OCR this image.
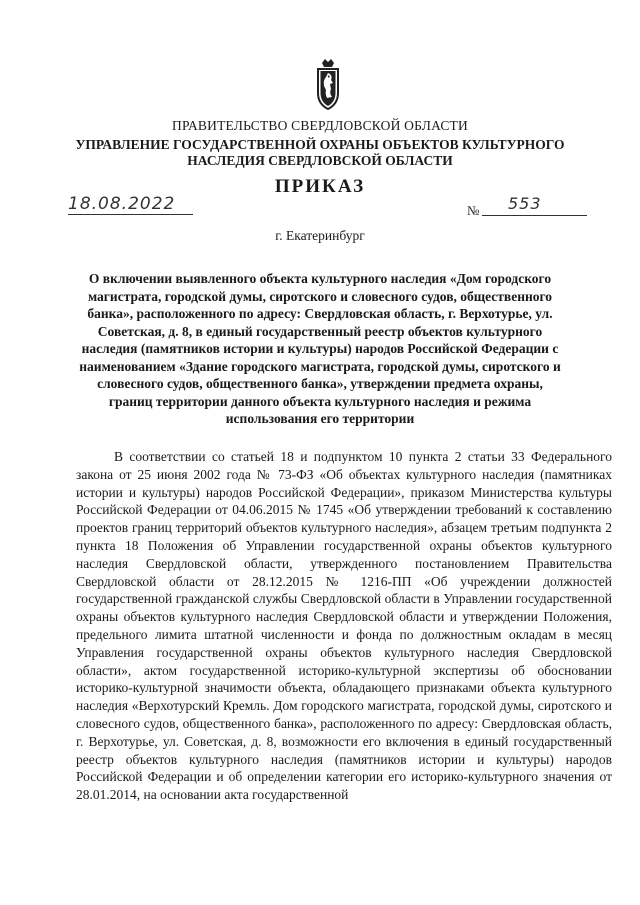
ПРАВИТЕЛЬСТВО СВЕРДЛОВСКОЙ ОБЛАСТИ
УПРАВЛЕНИЕ ГОСУДАРСТВЕННОЙ ОХРАНЫ ОБЪЕКТОВ КУЛЬТУРНОГО НАСЛЕДИЯ СВЕРДЛОВСКОЙ ОБЛАСТИ
ПРИКАЗ
18.08.2022	№ 553
г. Екатеринбург
О включении выявленного объекта культурного наследия «Дом городского магистрата, городской думы, сиротского и словесного судов, общественного банка», расположенного по адресу: Свердловская область, г. Верхотурье, ул. Советская, д. 8, в единый государственный реестр объектов культурного наследия (памятников истории и культуры) народов Российской Федерации с наименованием «Здание городского магистрата, городской думы, сиротского и словесного судов, общественного банка», утверждении предмета охраны, границ территории данного объекта культурного наследия и режима использования его территории

В соответствии со статьей 18 и подпунктом 10 пункта 2 статьи 33 Федерального закона от 25 июня 2002 года № 73-ФЗ «Об объектах культурного наследия (памятниках истории и культуры) народов Российской Федерации», приказом Министерства культуры Российской Федерации от 04.06.2015 № 1745 «Об утверждении требований к составлению проектов границ территорий объектов культурного наследия», абзацем третьим подпункта 2 пункта 18 Положения об Управлении государственной охраны объектов культурного наследия Свердловской области, утвержденного постановлением Правительства Свердловской области от 28.12.2015 № 1216-ПП «Об учреждении должностей государственной гражданской службы Свердловской области в Управлении государственной охраны объектов культурного наследия Свердловской области и утверждении Положения, предельного лимита штатной численности и фонда по должностным окладам в месяц Управления государственной охраны объектов культурного наследия Свердловской области», актом государственной историко-культурной экспертизы об обосновании историко-культурной значимости объекта, обладающего признаками объекта культурного наследия «Верхотурский Кремль. Дом городского магистрата, городской думы, сиротского и словесного судов, общественного банка», расположенного по адресу: Свердловская область, г. Верхотурье, ул. Советская, д. 8, возможности его включения в единый государственный реестр объектов культурного наследия (памятников истории и культуры) народов Российской Федерации и об определении категории его историко-культурного значения от 28.01.2014, на основании акта государственной
